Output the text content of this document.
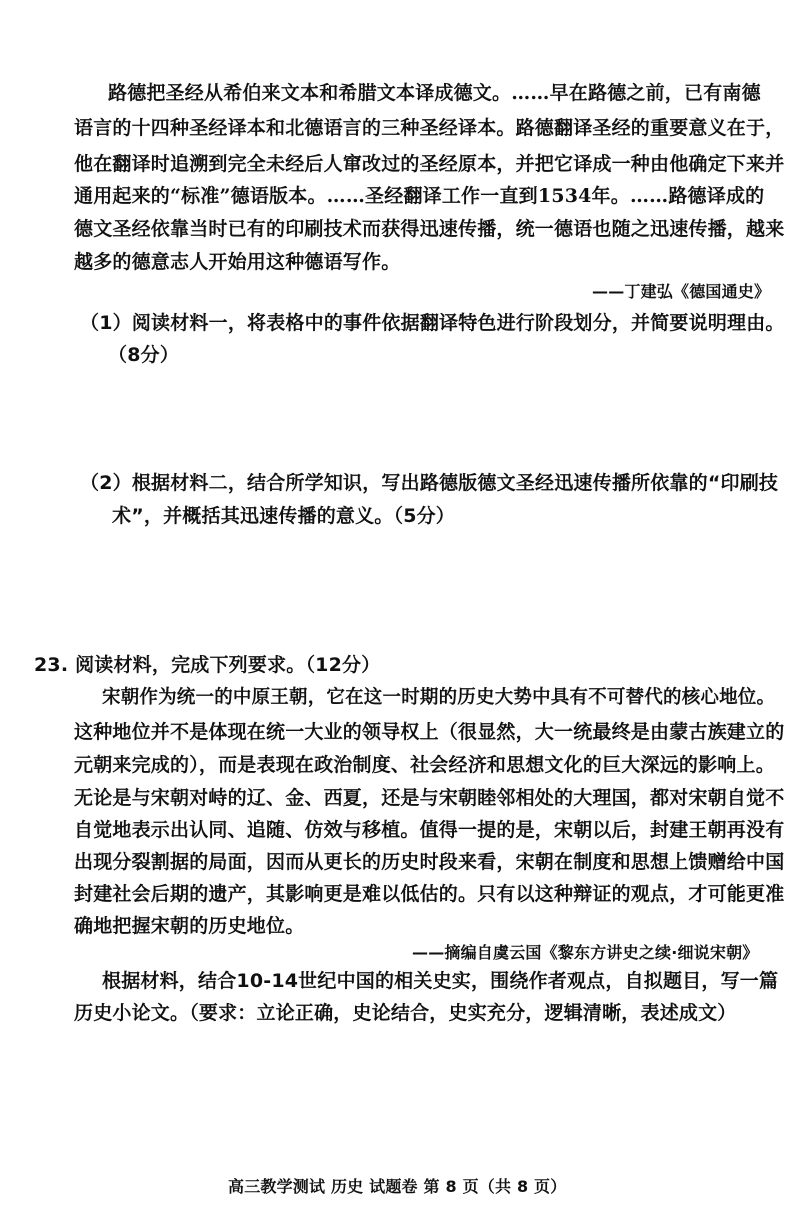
路德把圣经从希伯来文本和希腊文本译成德文。……早在路德之前，已有南德
语言的十四种圣经译本和北德语言的三种圣经译本。路德翻译圣经的重要意义在于，
他在翻译时追溯到完全未经后人窜改过的圣经原本，并把它译成一种由他确定下来并
通用起来的“标准”德语版本。……圣经翻译工作一直到1534年。……路德译成的
德文圣经依靠当时已有的印刷技术而获得迅速传播，统一德语也随之迅速传播，越来
越多的德意志人开始用这种德语写作。
——丁建弘《德国通史》
（1）阅读材料一，将表格中的事件依据翻译特色进行阶段划分，并简要说明理由。
（8分）
（2）根据材料二，结合所学知识，写出路德版德文圣经迅速传播所依靠的“印刷技
术”，并概括其迅速传播的意义。（5分）
23. 阅读材料，完成下列要求。（12分）
宋朝作为统一的中原王朝，它在这一时期的历史大势中具有不可替代的核心地位。
这种地位并不是体现在统一大业的领导权上（很显然，大一统最终是由蒙古族建立的
元朝来完成的），而是表现在政治制度、社会经济和思想文化的巨大深远的影响上。
无论是与宋朝对峙的辽、金、西夏，还是与宋朝睦邻相处的大理国，都对宋朝自觉不
自觉地表示出认同、追随、仿效与移植。值得一提的是，宋朝以后，封建王朝再没有
出现分裂割据的局面，因而从更长的历史时段来看，宋朝在制度和思想上馈赠给中国
封建社会后期的遗产，其影响更是难以低估的。只有以这种辩证的观点，才可能更准
确地把握宋朝的历史地位。
——摘编自虞云国《黎东方讲史之续·细说宋朝》
根据材料，结合10-14世纪中国的相关史实，围绕作者观点，自拟题目，写一篇
历史小论文。（要求：立论正确，史论结合，史实充分，逻辑清晰，表述成文）
高三教学测试 历史 试题卷 第 8 页（共 8 页）
